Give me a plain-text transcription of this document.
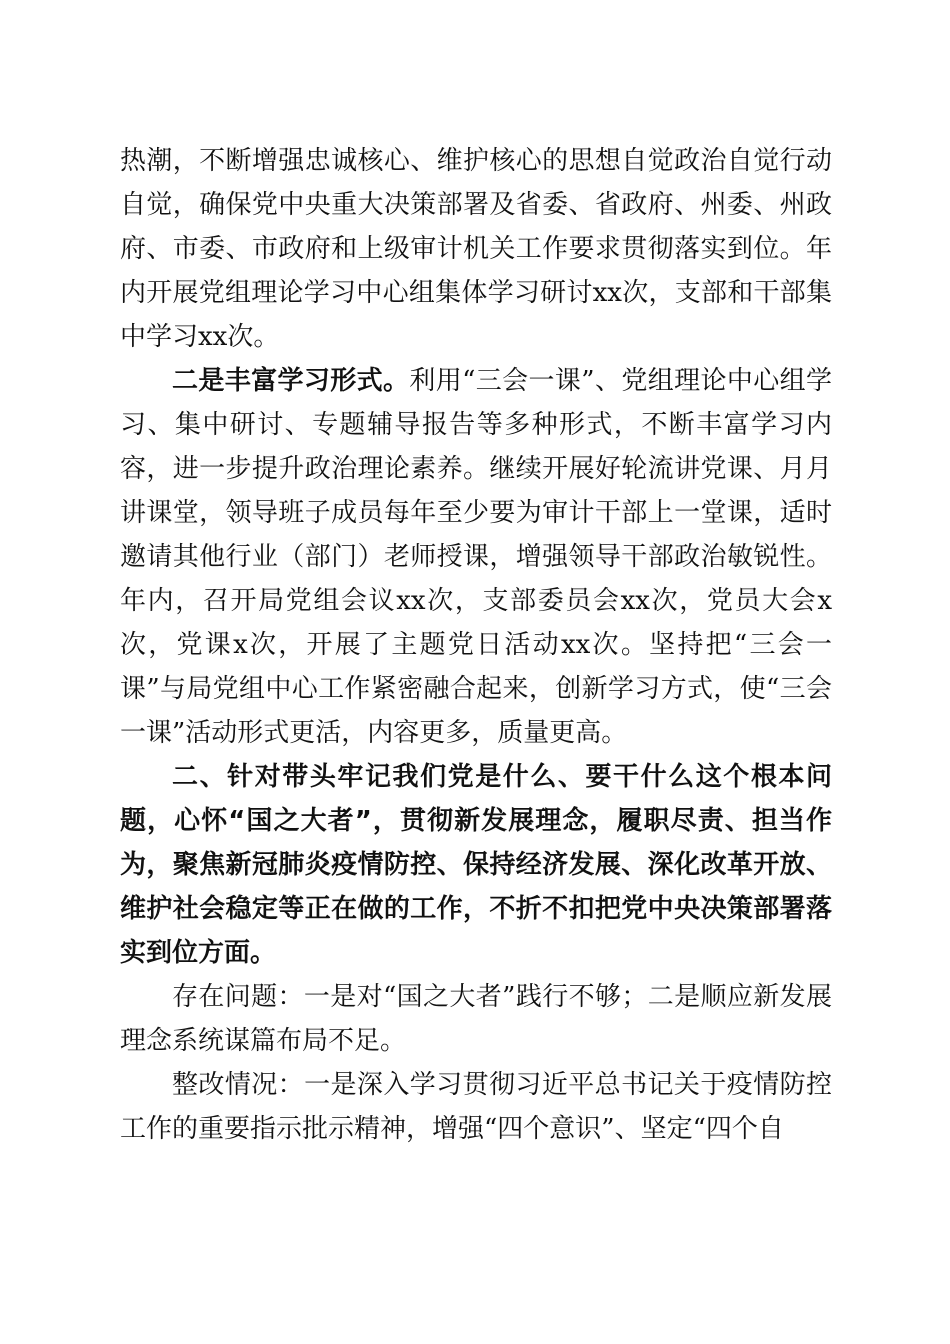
热潮，不断增强忠诚核心、维护核心的思想自觉政治自觉行动自觉，确保党中央重大决策部署及省委、省政府、州委、州政府、市委、市政府和上级审计机关工作要求贯彻落实到位。年内开展党组理论学习中心组集体学习研讨xx次，支部和干部集中学习xx次。

二是丰富学习形式。利用“三会一课”、党组理论中心组学习、集中研讨、专题辅导报告等多种形式，不断丰富学习内容，进一步提升政治理论素养。继续开展好轮流讲党课、月月讲课堂，领导班子成员每年至少要为审计干部上一堂课，适时邀请其他行业（部门）老师授课，增强领导干部政治敏锐性。年内，召开局党组会议xx次，支部委员会xx次，党员大会x次，党课x次，开展了主题党日活动xx次。坚持把“三会一课”与局党组中心工作紧密融合起来，创新学习方式，使“三会一课”活动形式更活，内容更多，质量更高。

二、针对带头牢记我们党是什么、要干什么这个根本问题，心怀“国之大者”，贯彻新发展理念，履职尽责、担当作为，聚焦新冠肺炎疫情防控、保持经济发展、深化改革开放、维护社会稳定等正在做的工作，不折不扣把党中央决策部署落实到位方面。

存在问题：一是对“国之大者”践行不够；二是顺应新发展理念系统谋篇布局不足。

整改情况：一是深入学习贯彻习近平总书记关于疫情防控工作的重要指示批示精神，增强“四个意识”、坚定“四个自
